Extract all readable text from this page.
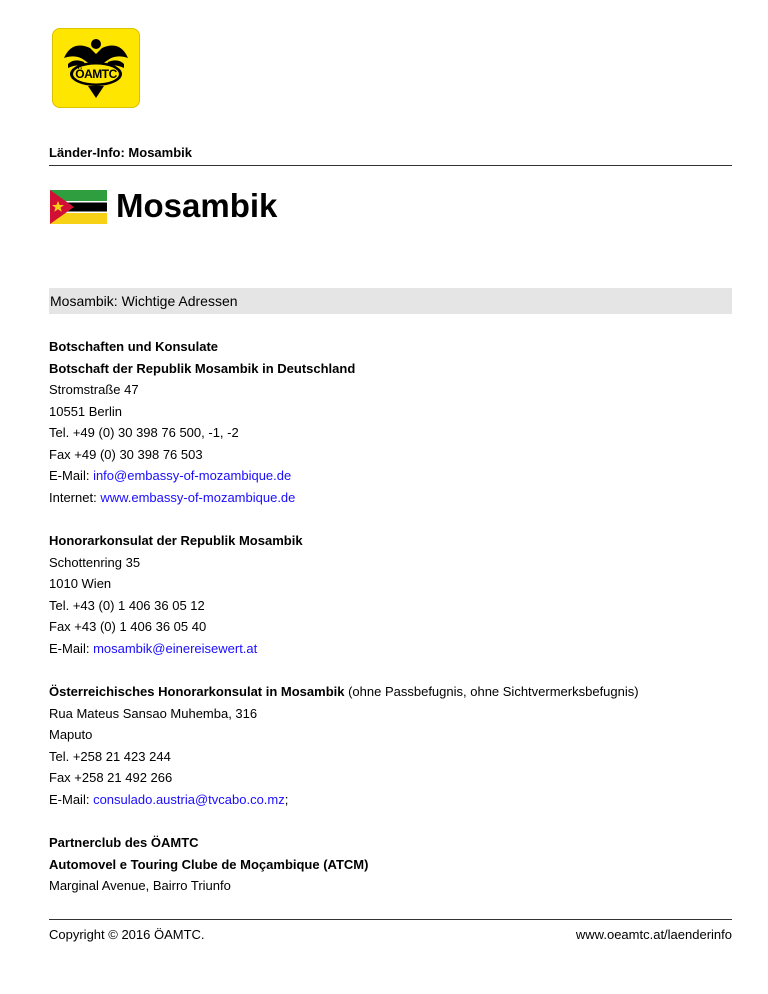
ÖAMTC
Länder-Info: Mosambik
Mosambik
Mosambik: Wichtige Adressen
Botschaften und Konsulate
Botschaft der Republik Mosambik in Deutschland
Stromstraße 47
10551 Berlin
Tel. +49 (0) 30 398 76 500, -1, -2
Fax +49 (0) 30 398 76 503
E-Mail: info@embassy-of-mozambique.de
Internet: www.embassy-of-mozambique.de
Honorarkonsulat der Republik Mosambik
Schottenring 35
1010 Wien
Tel. +43 (0) 1 406 36 05 12
Fax +43 (0) 1 406 36 05 40
E-Mail: mosambik@einereisewert.at
Österreichisches Honorarkonsulat in Mosambik (ohne Passbefugnis, ohne Sichtvermerksbefugnis)
Rua Mateus Sansao Muhemba, 316
Maputo
Tel. +258 21 423 244
Fax +258 21 492 266
E-Mail: consulado.austria@tvcabo.co.mz;
Partnerclub des ÖAMTC
Automovel e Touring Clube de Moçambique (ATCM)
Marginal Avenue, Bairro Triunfo
Copyright © 2016 ÖAMTC.	www.oeamtc.at/laenderinfo
